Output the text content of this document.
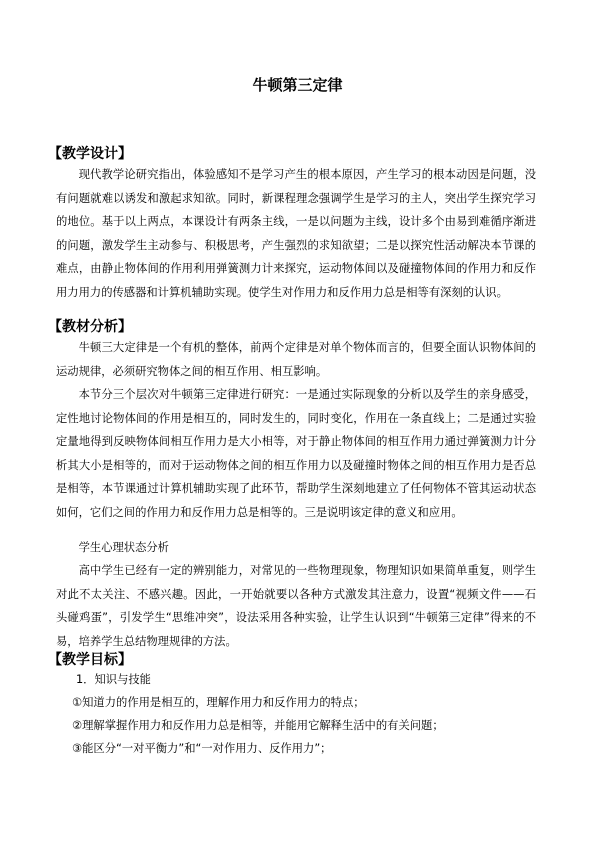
牛顿第三定律
【教学设计】

现代教学论研究指出，体验感知不是学习产生的根本原因，产生学习的根本动因是问题，没有问题就难以诱发和激起求知欲。同时，新课程理念强调学生是学习的主人，突出学生探究学习的地位。基于以上两点，本课设计有两条主线，一是以问题为主线，设计多个由易到难循序渐进的问题，激发学生主动参与、积极思考，产生强烈的求知欲望；二是以探究性活动解决本节课的难点，由静止物体间的作用利用弹簧测力计来探究，运动物体间以及碰撞物体间的作用力和反作用力用力的传感器和计算机辅助实现。使学生对作用力和反作用力总是相等有深刻的认识。

【教材分析】

牛顿三大定律是一个有机的整体，前两个定律是对单个物体而言的，但要全面认识物体间的运动规律，必须研究物体之间的相互作用、相互影响。

本节分三个层次对牛顿第三定律进行研究：一是通过实际现象的分析以及学生的亲身感受，定性地讨论物体间的作用是相互的，同时发生的，同时变化，作用在一条直线上；二是通过实验定量地得到反映物体间相互作用力是大小相等，对于静止物体间的相互作用力通过弹簧测力计分析其大小是相等的，而对于运动物体之间的相互作用力以及碰撞时物体之间的相互作用力是否总是相等，本节课通过计算机辅助实现了此环节，帮助学生深刻地建立了任何物体不管其运动状态如何，它们之间的作用力和反作用力总是相等的。三是说明该定律的意义和应用。

学生心理状态分析

高中学生已经有一定的辨别能力，对常见的一些物理现象，物理知识如果简单重复，则学生对此不太关注、不感兴趣。因此，一开始就要以各种方式激发其注意力，设置“视频文件——石头碰鸡蛋”，引发学生“思维冲突”，设法采用各种实验，让学生认识到“牛顿第三定律”得来的不易，培养学生总结物理规律的方法。

【教学目标】

1．知识与技能

①知道力的作用是相互的，理解作用力和反作用力的特点；

②理解掌握作用力和反作用力总是相等，并能用它解释生活中的有关问题；

③能区分“一对平衡力”和“一对作用力、反作用力”；
